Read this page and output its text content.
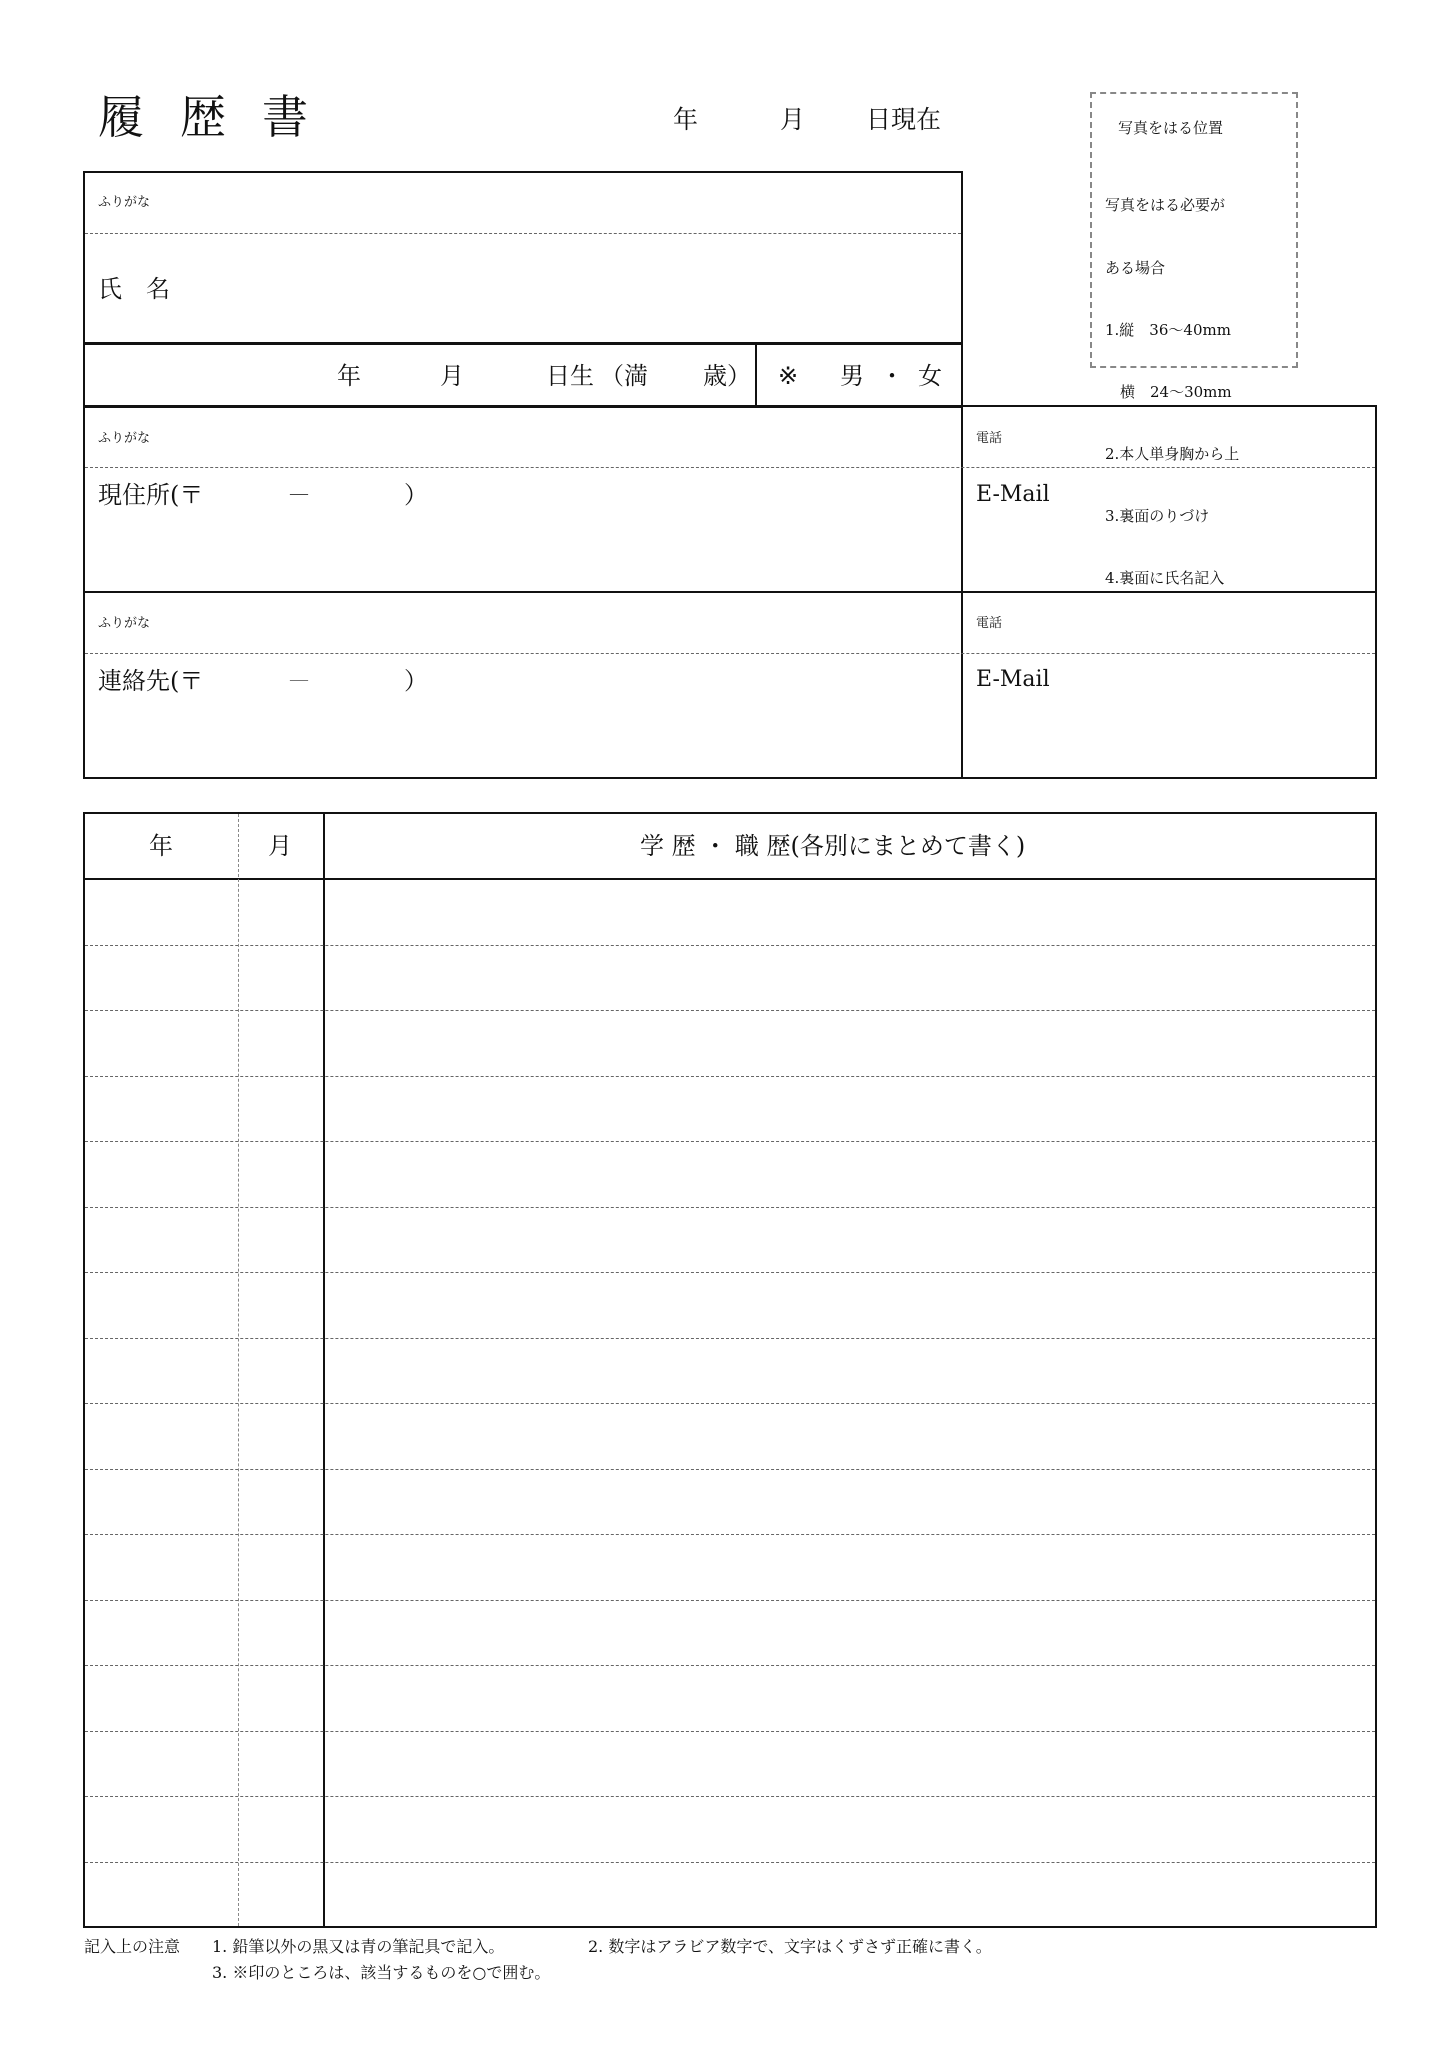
履歴書	年	月 日現在	写真をはる位置

写真をはる必要が

ある場合

1.縦　36～40mm

　横　24～30mm

2.本人単身胸から上

3.裏面のりづけ

4.裏面に氏名記入

ふりがな
氏　名
年	月	日生 （満 歳） ※ 男 ・ 女
ふりがな
現住所(〒	－	）
電話
E-Mail
ふりがな
連絡先(〒	－	）
電話
E-Mail
年	月	学 歴 ・ 職 歴(各別にまとめて書く)
記入上の注意 1. 鉛筆以外の黒又は青の筆記具で記入。	2. 数字はアラビア数字で、文字はくずさず正確に書く。
3. ※印のところは、該当するものを○で囲む。
